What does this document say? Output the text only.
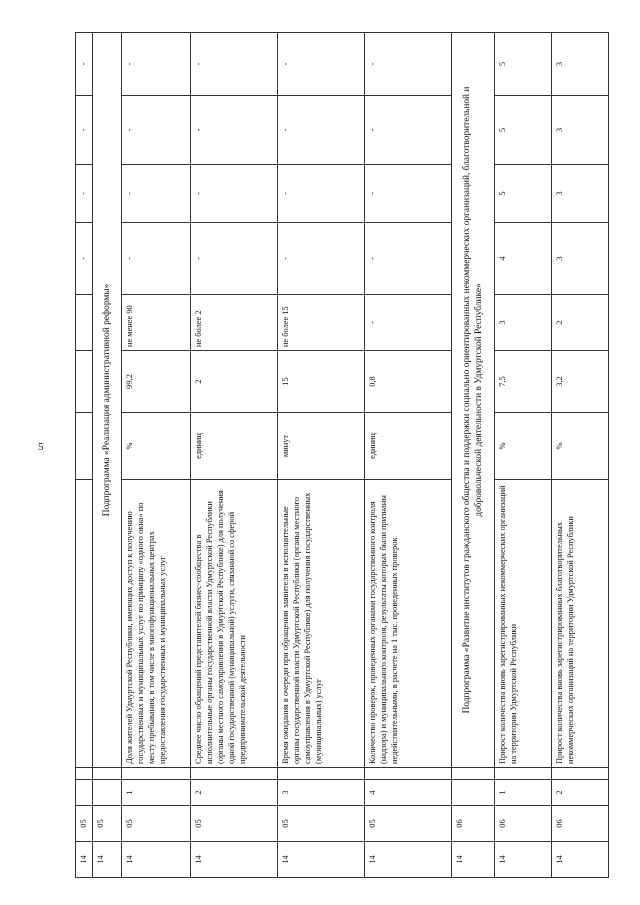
5
14	05							-	-	-	-
14	05			Подпрограмма «Реализация административной реформы»							
14	05	1		Доля жителей Удмуртской Республики, имеющих доступ к получению государственных и муниципальных услуг по принципу «одного окна» по месту пребывания, в том числе в многофункциональных центрах предоставления государственных и муниципальных услуг	%	99,2	не менее 90	-	-	-	-
14	05	2		Среднее число обращений представителей бизнес-сообщества в исполнительные органы государственной власти Удмуртской Республики (органы местного самоуправления в Удмуртской Республике) для получения одной государственной (муниципальной) услуги, связанной со сферой предпринимательской деятельности	единиц	2	не более 2	-	-	-	-
14	05	3		Время ожидания в очереди при обращении заявителя в исполнительные органы государственной власти Удмуртской Республики (органы местного самоуправления в Удмуртской Республике) для получения государственных (муниципальных) услуг	минут	15	не более 15	-	-	-	-
14	05	4		Количество проверок, проведенных органами государственного контроля (надзора) и муниципального контроля, результаты которых были признаны недействительными, в расчете на 1 тыс. проведенных проверок	единиц	0,8	-	-	-	-	-
14	06			Подпрограмма «Развитие институтов гражданского общества и поддержки социально ориентированных некоммерческих организаций, благотворительной и добровольческой деятельности в Удмуртской Республике»							
14	06	1		Прирост количества вновь зарегистрированных некоммерческих организаций на территории Удмуртской Республики	%	7,5	3	4	5	5	5
14	06	2		Прирост количества вновь зарегистрированных благотворительных некоммерческих организаций на территории Удмуртской Республики	%	3,2	2	3	3	3	3
